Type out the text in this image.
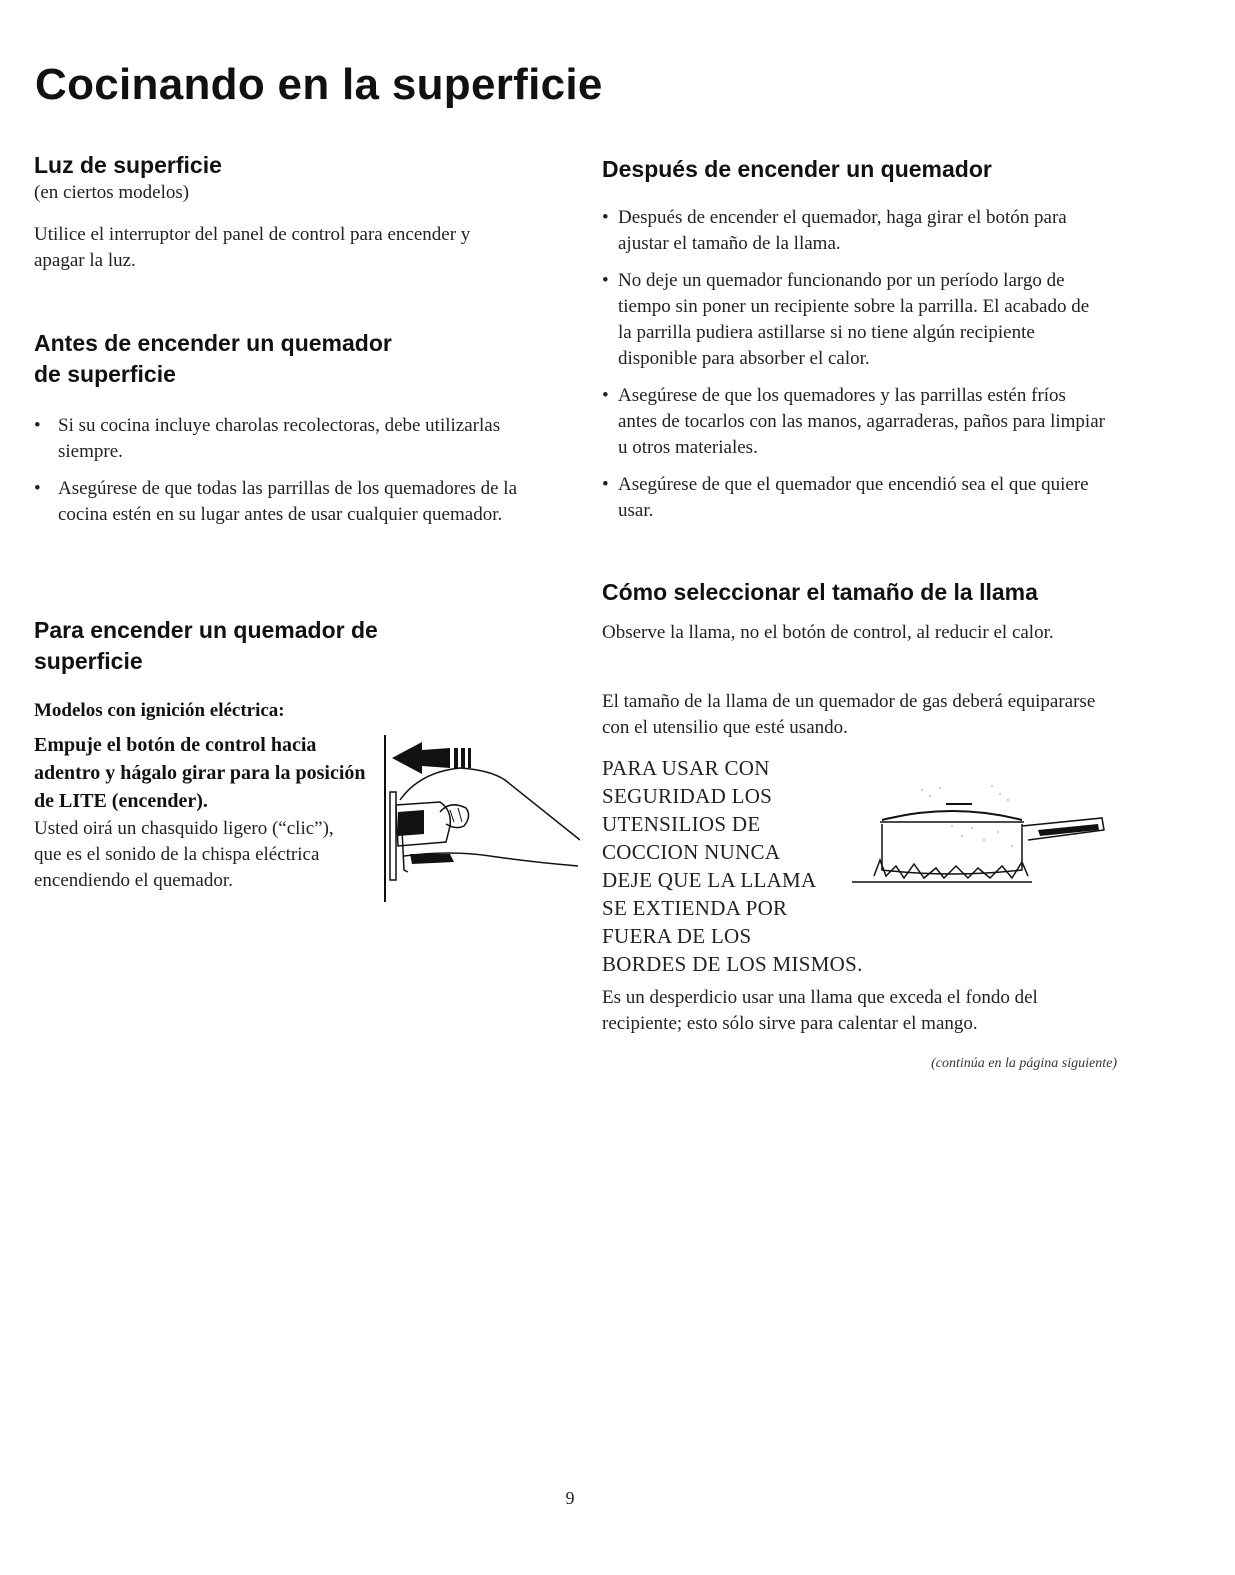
Cocinando en la superficie
Luz de superficie

(en ciertos modelos)

Utilice el interruptor del panel de control para encender y apagar la luz.

Antes de encender un quemador
de superficie
• Si su cocina incluye charolas recolectoras, debe utilizarlas siempre.
• Asegúrese de que todas las parrillas de los quemadores de la cocina estén en su lugar antes de usar cualquier quemador.
Para encender un quemador de
superficie

Modelos con ignición eléctrica:

Empuje el botón de control hacia adentro y hágalo girar para la posición de LITE (encender).

Usted oirá un chasquido ligero (“clic”), que es el sonido de la chispa eléctrica encendiendo el quemador.

Después de encender un quemador
• Después de encender el quemador, haga girar el botón para ajustar el tamaño de la llama.
• No deje un quemador funcionando por un período largo de tiempo sin poner un recipiente sobre la parrilla. El acabado de la parrilla pudiera astillarse si no tiene algún recipiente disponible para absorber el calor.
• Asegúrese de que los quemadores y las parrillas estén fríos antes de tocarlos con las manos, agarraderas, paños para limpiar u otros materiales.
• Asegúrese de que el quemador que encendió sea el que quiere usar.
Cómo seleccionar el tamaño de la llama

Observe la llama, no el botón de control, al reducir el calor.

El tamaño de la llama de un quemador de gas deberá equipararse con el utensilio que esté usando.

PARA USAR CON
SEGURIDAD LOS
UTENSILIOS DE
COCCION NUNCA
DEJE QUE LA LLAMA
SE EXTIENDA POR
FUERA DE LOS
BORDES DE LOS MISMOS.

Es un desperdicio usar una llama que exceda el fondo del recipiente; esto sólo sirve para calentar el mango.

(continúa en la página siguiente)
9
